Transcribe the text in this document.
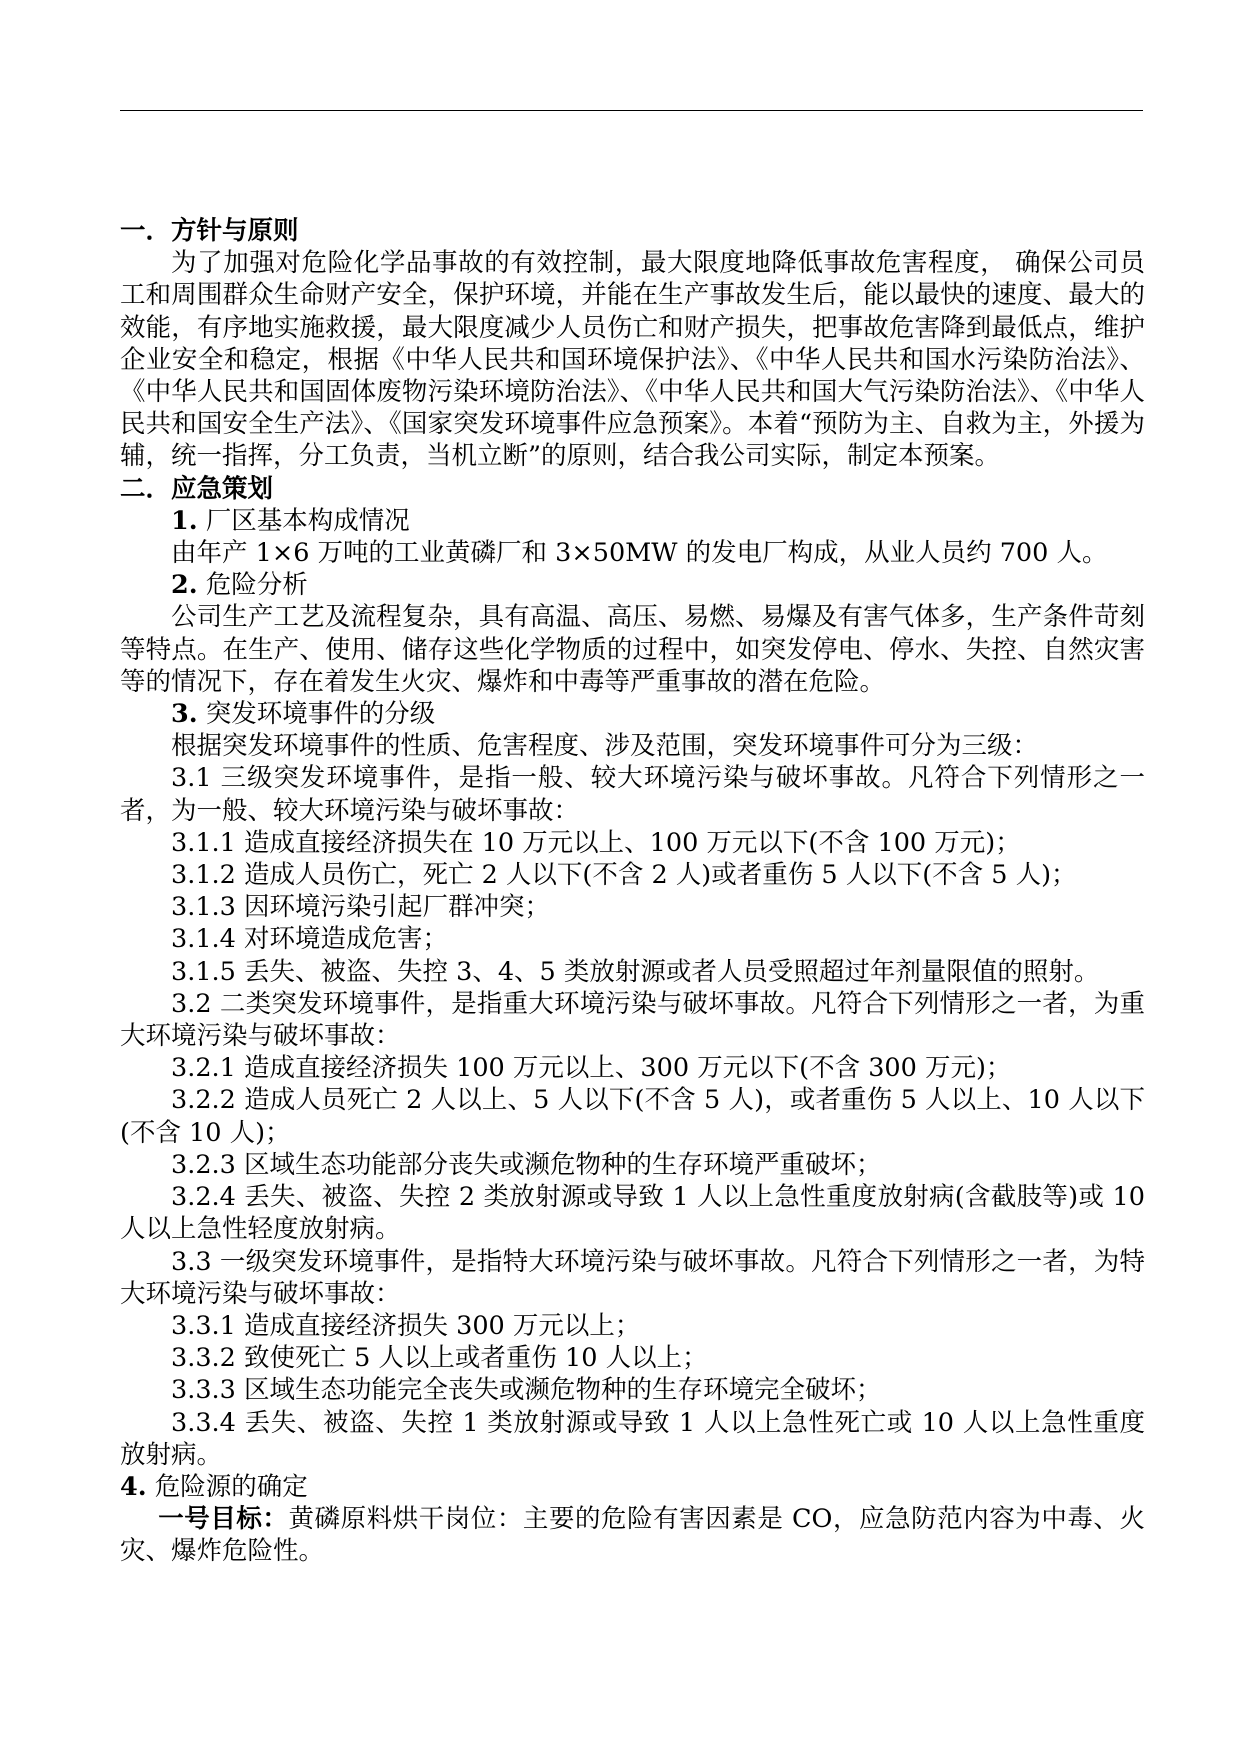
一．方针与原则

为了加强对危险化学品事故的有效控制，最大限度地降低事故危害程度， 确保公司员工和周围群众生命财产安全，保护环境，并能在生产事故发生后，能以最快的速度、最大的效能，有序地实施救援，最大限度减少人员伤亡和财产损失，把事故危害降到最低点，维护企业安全和稳定，根据《中华人民共和国环境保护法》、《中华人民共和国水污染防治法》、《中华人民共和国固体废物污染环境防治法》、《中华人民共和国大气污染防治法》、《中华人民共和国安全生产法》、《国家突发环境事件应急预案》。本着“预防为主、自救为主，外援为辅，统一指挥，分工负责，当机立断”的原则，结合我公司实际，制定本预案。

二．应急策划

1. 厂区基本构成情况

由年产 1×6 万吨的工业黄磷厂和 3×50MW 的发电厂构成，从业人员约 700 人。

2. 危险分析

公司生产工艺及流程复杂，具有高温、高压、易燃、易爆及有害气体多，生产条件苛刻等特点。在生产、使用、储存这些化学物质的过程中，如突发停电、停水、失控、自然灾害等的情况下，存在着发生火灾、爆炸和中毒等严重事故的潜在危险。

3. 突发环境事件的分级

根据突发环境事件的性质、危害程度、涉及范围，突发环境事件可分为三级：

3.1 三级突发环境事件，是指一般、较大环境污染与破坏事故。凡符合下列情形之一者，为一般、较大环境污染与破坏事故：

3.1.1 造成直接经济损失在 10 万元以上、100 万元以下(不含 100 万元)；

3.1.2 造成人员伤亡，死亡 2 人以下(不含 2 人)或者重伤 5 人以下(不含 5 人)；

3.1.3 因环境污染引起厂群冲突；

3.1.4 对环境造成危害；

3.1.5 丢失、被盗、失控 3、4、5 类放射源或者人员受照超过年剂量限值的照射。

3.2 二类突发环境事件，是指重大环境污染与破坏事故。凡符合下列情形之一者，为重大环境污染与破坏事故：

3.2.1 造成直接经济损失 100 万元以上、300 万元以下(不含 300 万元)；

3.2.2 造成人员死亡 2 人以上、5 人以下(不含 5 人)，或者重伤 5 人以上、10 人以下(不含 10 人)；

3.2.3 区域生态功能部分丧失或濒危物种的生存环境严重破坏；

3.2.4 丢失、被盗、失控 2 类放射源或导致 1 人以上急性重度放射病(含截肢等)或 10 人以上急性轻度放射病。

3.3 一级突发环境事件，是指特大环境污染与破坏事故。凡符合下列情形之一者，为特大环境污染与破坏事故：

3.3.1 造成直接经济损失 300 万元以上；

3.3.2 致使死亡 5 人以上或者重伤 10 人以上；

3.3.3 区域生态功能完全丧失或濒危物种的生存环境完全破坏；

3.3.4 丢失、被盗、失控 1 类放射源或导致 1 人以上急性死亡或 10 人以上急性重度放射病。

4. 危险源的确定

一号目标：黄磷原料烘干岗位：主要的危险有害因素是 CO，应急防范内容为中毒、火灾、爆炸危险性。
